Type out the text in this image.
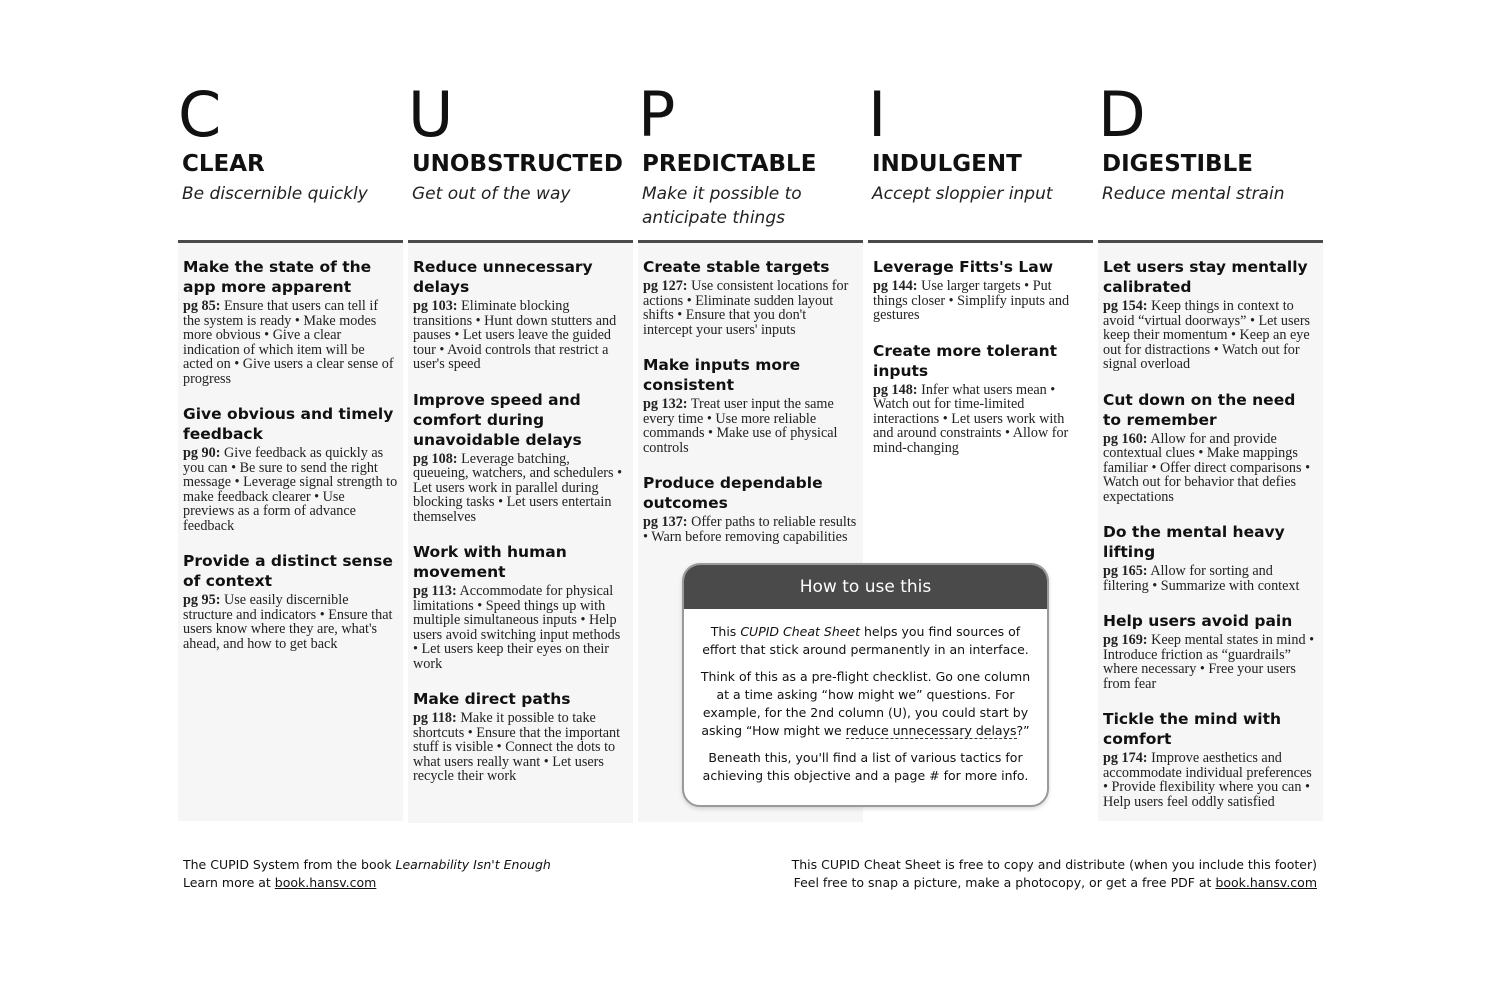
C
CLEAR
Be discernible quickly
Make the state of the app more apparent
pg 85: Ensure that users can tell if the system is ready • Make modes more obvious • Give a clear indication of which item will be acted on • Give users a clear sense of progress
Give obvious and timely feedback
pg 90: Give feedback as quickly as you can • Be sure to send the right message • Leverage signal strength to make feedback clearer • Use previews as a form of advance feedback
Provide a distinct sense of context
pg 95: Use easily discernible structure and indicators • Ensure that users know where they are, what's ahead, and how to get back
U
UNOBSTRUCTED
Get out of the way
Reduce unnecessary delays
pg 103: Eliminate blocking transitions • Hunt down stutters and pauses • Let users leave the guided tour • Avoid controls that restrict a user's speed
Improve speed and comfort during unavoidable delays
pg 108: Leverage batching, queueing, watchers, and schedulers • Let users work in parallel during blocking tasks • Let users entertain themselves
Work with human movement
pg 113: Accommodate for physical limitations • Speed things up with multiple simultaneous inputs • Help users avoid switching input methods • Let users keep their eyes on their work
Make direct paths
pg 118: Make it possible to take shortcuts • Ensure that the important stuff is visible • Connect the dots to what users really want • Let users recycle their work
P
PREDICTABLE
Make it possible to anticipate things
Create stable targets
pg 127: Use consistent locations for actions • Eliminate sudden layout shifts • Ensure that you don't intercept your users' inputs
Make inputs more consistent
pg 132: Treat user input the same every time • Use more reliable commands • Make use of physical controls
Produce dependable outcomes
pg 137: Offer paths to reliable results • Warn before removing capabilities
I
INDULGENT
Accept sloppier input
Leverage Fitts's Law
pg 144: Use larger targets • Put things closer • Simplify inputs and gestures
Create more tolerant inputs
pg 148: Infer what users mean • Watch out for time-limited interactions • Let users work with and around constraints • Allow for mind-changing
D
DIGESTIBLE
Reduce mental strain
Let users stay mentally calibrated
pg 154: Keep things in context to avoid “virtual doorways” • Let users keep their momentum • Keep an eye out for distractions • Watch out for signal overload
Cut down on the need to remember
pg 160: Allow for and provide contextual clues • Make mappings familiar • Offer direct comparisons • Watch out for behavior that defies expectations
Do the mental heavy lifting
pg 165: Allow for sorting and filtering • Summarize with context
Help users avoid pain
pg 169: Keep mental states in mind • Introduce friction as “guardrails” where necessary • Free your users from fear
Tickle the mind with comfort
pg 174: Improve aesthetics and accommodate individual preferences • Provide flexibility where you can • Help users feel oddly satisfied
How to use this

This CUPID Cheat Sheet helps you find sources of effort that stick around permanently in an interface.

Think of this as a pre-flight checklist. Go one column at a time asking “how might we” questions. For example, for the 2nd column (U), you could start by asking “How might we reduce unnecessary delays?”

Beneath this, you'll find a list of various tactics for achieving this objective and a page # for more info.

The CUPID System from the book Learnability Isn't Enough
Learn more at book.hansv.com
This CUPID Cheat Sheet is free to copy and distribute (when you include this footer)
Feel free to snap a picture, make a photocopy, or get a free PDF at book.hansv.com
